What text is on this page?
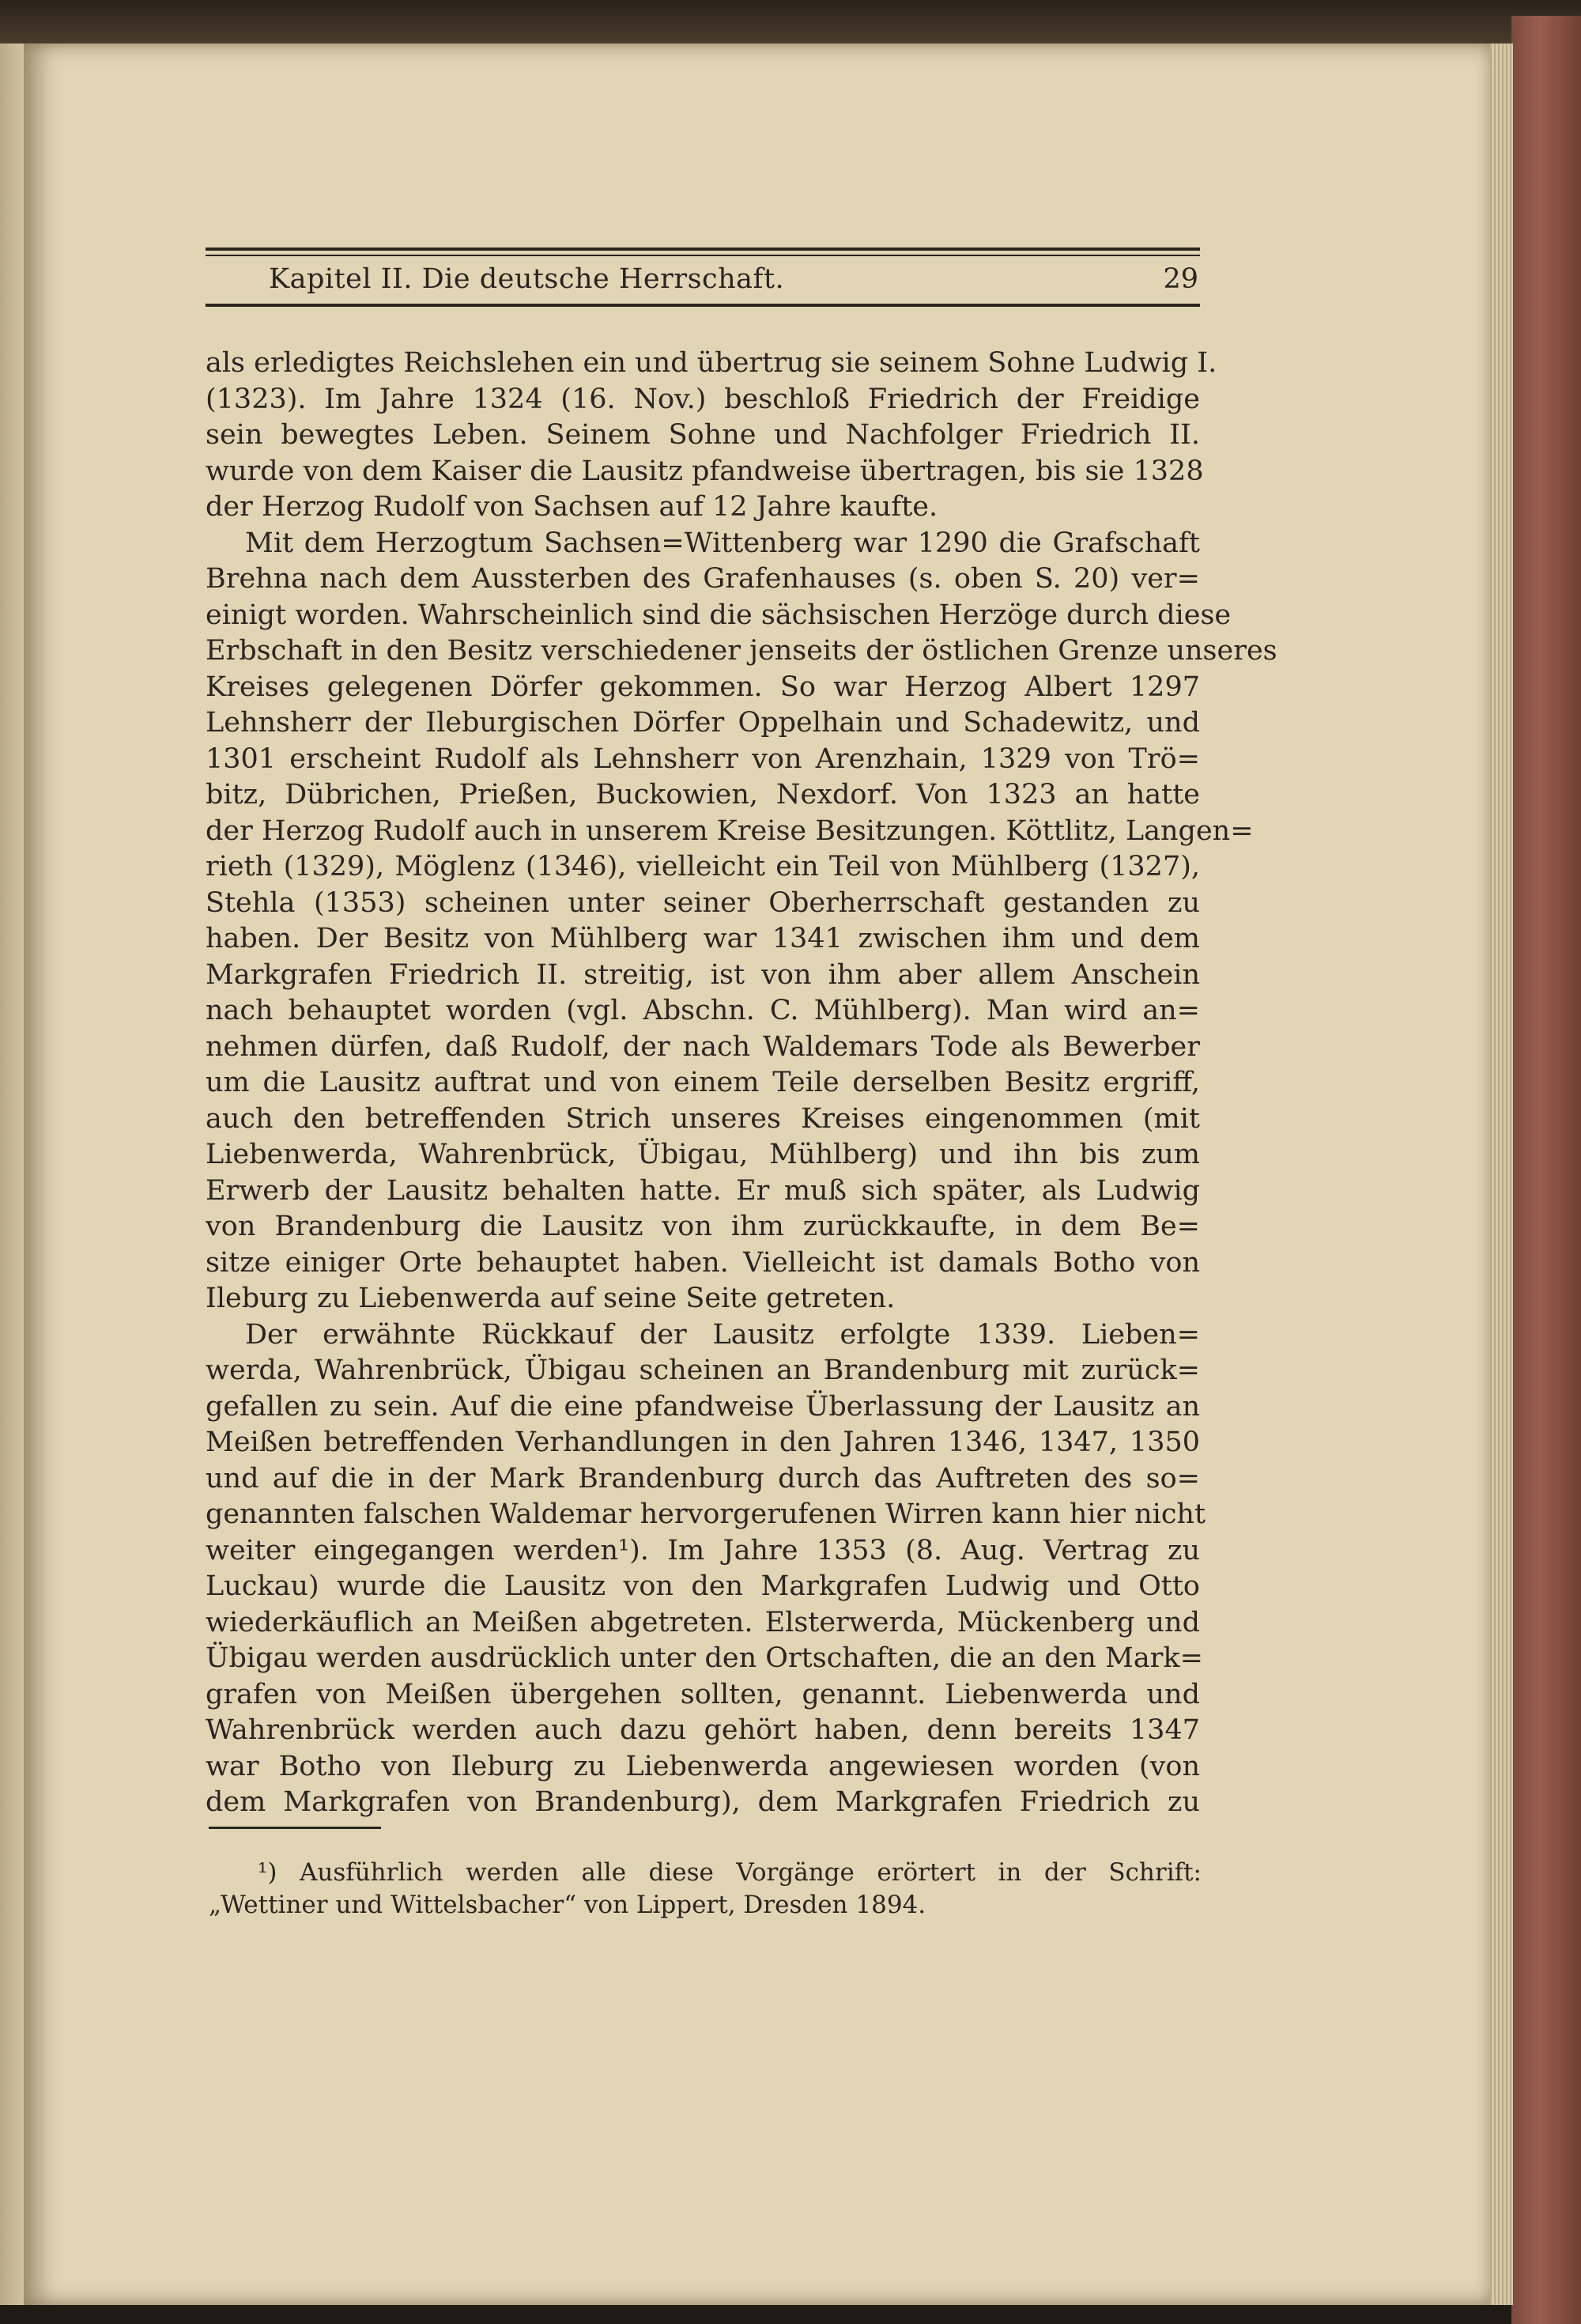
Kapitel II. Die deutsche Herrschaft.	29
als erledigtes Reichslehen ein und übertrug sie seinem Sohne Ludwig I.
(1323). Im Jahre 1324 (16. Nov.) beschloß Friedrich der Freidige
sein bewegtes Leben. Seinem Sohne und Nachfolger Friedrich II.
wurde von dem Kaiser die Lausitz pfandweise übertragen, bis sie 1328
der Herzog Rudolf von Sachsen auf 12 Jahre kaufte.
Mit dem Herzogtum Sachsen=Wittenberg war 1290 die Grafschaft
Brehna nach dem Aussterben des Grafenhauses (s. oben S. 20) ver=
einigt worden. Wahrscheinlich sind die sächsischen Herzöge durch diese
Erbschaft in den Besitz verschiedener jenseits der östlichen Grenze unseres
Kreises gelegenen Dörfer gekommen. So war Herzog Albert 1297
Lehnsherr der Ileburgischen Dörfer Oppelhain und Schadewitz, und
1301 erscheint Rudolf als Lehnsherr von Arenzhain, 1329 von Trö=
bitz, Dübrichen, Prießen, Buckowien, Nexdorf. Von 1323 an hatte
der Herzog Rudolf auch in unserem Kreise Besitzungen. Köttlitz, Langen=
rieth (1329), Möglenz (1346), vielleicht ein Teil von Mühlberg (1327),
Stehla (1353) scheinen unter seiner Oberherrschaft gestanden zu
haben. Der Besitz von Mühlberg war 1341 zwischen ihm und dem
Markgrafen Friedrich II. streitig, ist von ihm aber allem Anschein
nach behauptet worden (vgl. Abschn. C. Mühlberg). Man wird an=
nehmen dürfen, daß Rudolf, der nach Waldemars Tode als Bewerber
um die Lausitz auftrat und von einem Teile derselben Besitz ergriff,
auch den betreffenden Strich unseres Kreises eingenommen (mit
Liebenwerda, Wahrenbrück, Übigau, Mühlberg) und ihn bis zum
Erwerb der Lausitz behalten hatte. Er muß sich später, als Ludwig
von Brandenburg die Lausitz von ihm zurückkaufte, in dem Be=
sitze einiger Orte behauptet haben. Vielleicht ist damals Botho von
Ileburg zu Liebenwerda auf seine Seite getreten.
Der erwähnte Rückkauf der Lausitz erfolgte 1339. Lieben=
werda, Wahrenbrück, Übigau scheinen an Brandenburg mit zurück=
gefallen zu sein. Auf die eine pfandweise Überlassung der Lausitz an
Meißen betreffenden Verhandlungen in den Jahren 1346, 1347, 1350
und auf die in der Mark Brandenburg durch das Auftreten des so=
genannten falschen Waldemar hervorgerufenen Wirren kann hier nicht
weiter eingegangen werden¹). Im Jahre 1353 (8. Aug. Vertrag zu
Luckau) wurde die Lausitz von den Markgrafen Ludwig und Otto
wiederkäuflich an Meißen abgetreten. Elsterwerda, Mückenberg und
Übigau werden ausdrücklich unter den Ortschaften, die an den Mark=
grafen von Meißen übergehen sollten, genannt. Liebenwerda und
Wahrenbrück werden auch dazu gehört haben, denn bereits 1347
war Botho von Ileburg zu Liebenwerda angewiesen worden (von
dem Markgrafen von Brandenburg), dem Markgrafen Friedrich zu
¹) Ausführlich werden alle diese Vorgänge erörtert in der Schrift:
„Wettiner und Wittelsbacher“ von Lippert, Dresden 1894.
